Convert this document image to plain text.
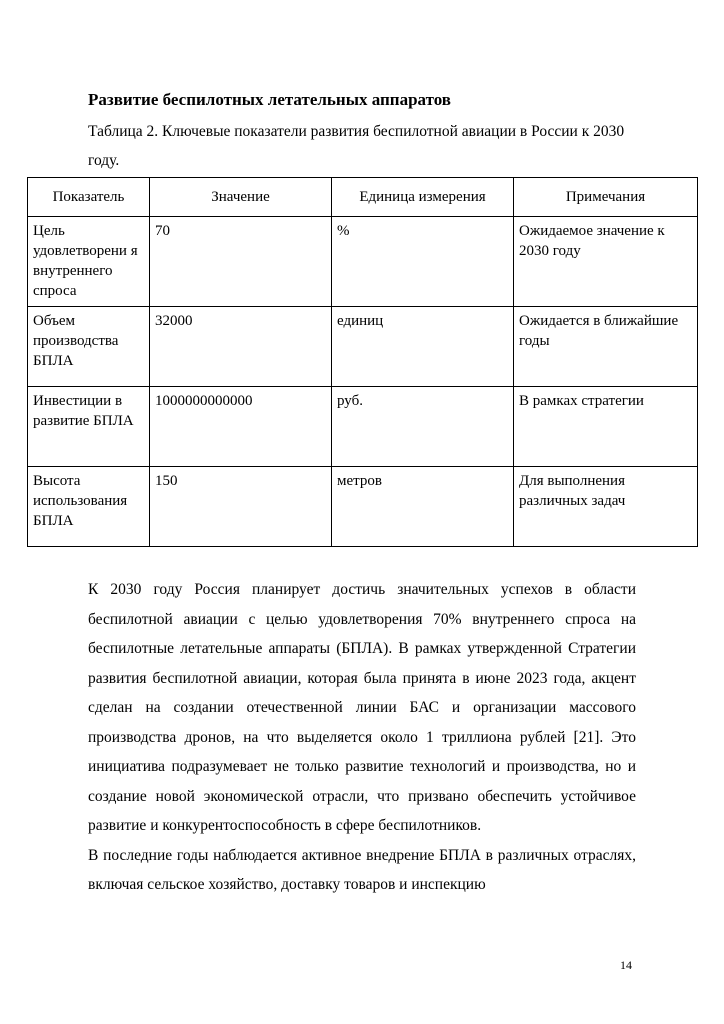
Развитие беспилотных летательных аппаратов
Таблица 2. Ключевые показатели развития беспилотной авиации в России к 2030 году.
Показатель	Значение	Единица измерения	Примечания
Цель удовлетворени я внутреннего спроса	70	%	Ожидаемое значение к 2030 году
Объем производства БПЛА	32000	единиц	Ожидается в ближайшие годы
Инвестиции в развитие БПЛА	1000000000000	руб.	В рамках стратегии
Высота использования БПЛА	150	метров	Для выполнения различных задач

К 2030 году Россия планирует достичь значительных успехов в области беспилотной авиации с целью удовлетворения 70% внутреннего спроса на беспилотные летательные аппараты (БПЛА). В рамках утвержденной Стратегии развития беспилотной авиации, которая была принята в июне 2023 года, акцент сделан на создании отечественной линии БАС и организации массового производства дронов, на что выделяется около 1 триллиона рублей [21]. Это инициатива подразумевает не только развитие технологий и производства, но и создание новой экономической отрасли, что призвано обеспечить устойчивое развитие и конкурентоспособность в сфере беспилотников.

В последние годы наблюдается активное внедрение БПЛА в различных отраслях, включая сельское хозяйство, доставку товаров и инспекцию

14
